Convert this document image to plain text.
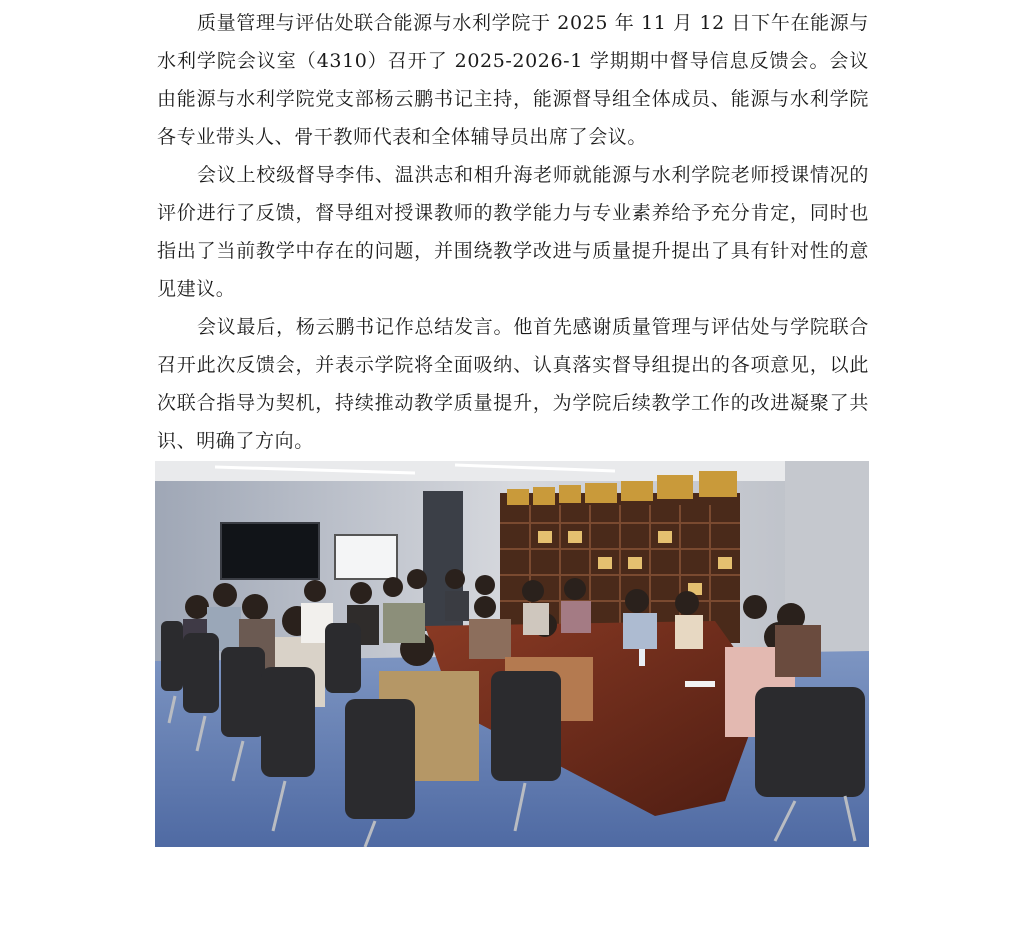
质量管理与评估处联合能源与水利学院于 2025 年 11 月 12 日下午在能源与水利学院会议室（4310）召开了 2025-2026-1 学期期中督导信息反馈会。会议由能源与水利学院党支部杨云鹏书记主持，能源督导组全体成员、能源与水利学院各专业带头人、骨干教师代表和全体辅导员出席了会议。

会议上校级督导李伟、温洪志和相升海老师就能源与水利学院老师授课情况的评价进行了反馈，督导组对授课教师的教学能力与专业素养给予充分肯定，同时也指出了当前教学中存在的问题，并围绕教学改进与质量提升提出了具有针对性的意见建议。

会议最后，杨云鹏书记作总结发言。他首先感谢质量管理与评估处与学院联合召开此次反馈会，并表示学院将全面吸纳、认真落实督导组提出的各项意见，以此次联合指导为契机，持续推动教学质量提升，为学院后续教学工作的改进凝聚了共识、明确了方向。
